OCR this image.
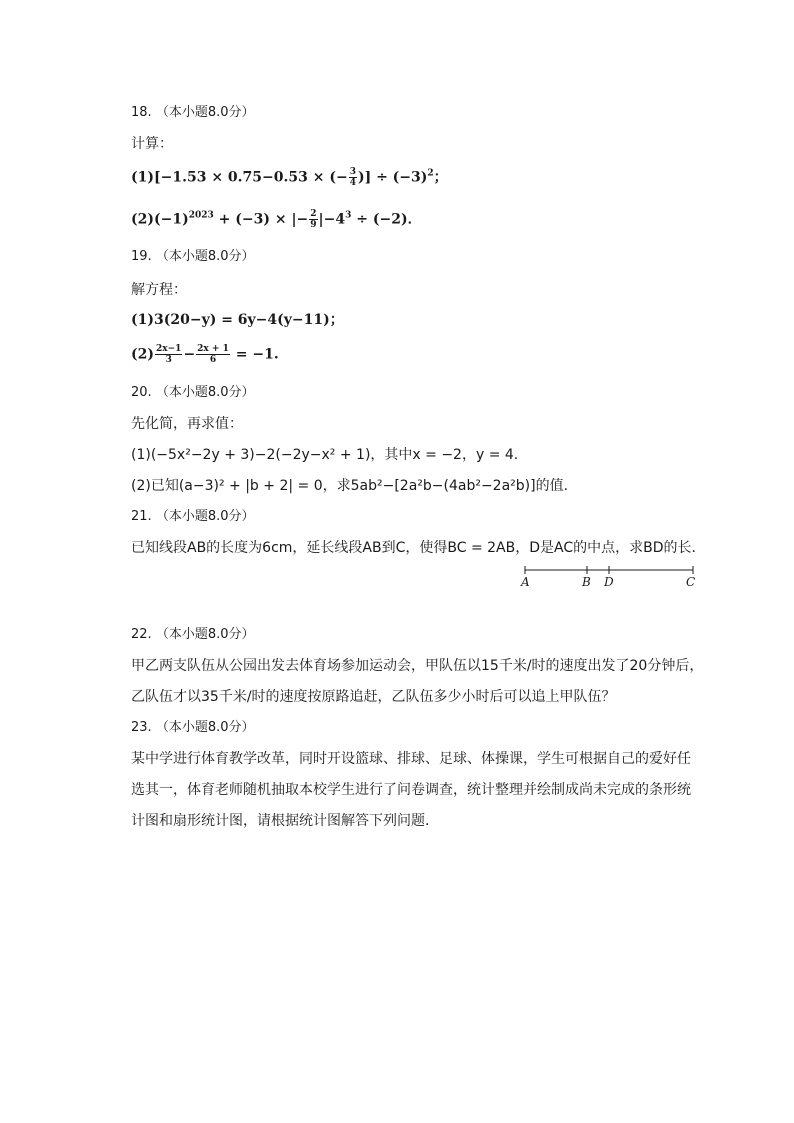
18. （本小题8.0分）
计算：
(1)[−1.53 × 0.75−0.53 × (− $\frac{3}{4}$ )] ÷ $(-3)^2$；
$(2)(-1)^{2023} + (-3)$ × |− $\frac{2}{9} |-4^3 \div (-2)$．
19. （本小题8.0分）
解方程：
(1)3(20−y) = 6y−4(y−11)；
$(2) \frac{2x-1}{3} - \frac{2x + 1}{6} = -1$.
20. （本小题8.0分）
先化简，再求值：
(1)(−5x²−2y + 3)−2(−2y−x² + 1)，其中x = −2，y = 4.
(2)已知(a−3)² + |b + 2| = 0，求5ab²−[2a²b−(4ab²−2a²b)]的值.
21. （本小题8.0分）
已知线段AB的长度为6cm，延长线段AB到C，使得BC = 2AB，D是AC的中点，求BD的长．
A	B D	C
22. （本小题8.0分）
甲乙两支队伍从公园出发去体育场参加运动会，甲队伍以15千米/时的速度出发了20分钟后，
乙队伍才以35千米/时的速度按原路追赶，乙队伍多少小时后可以追上甲队伍？
23. （本小题8.0分）
某中学进行体育教学改革，同时开设篮球、排球、足球、体操课，学生可根据自己的爱好任
选其一，体育老师随机抽取本校学生进行了问卷调查，统计整理并绘制成尚未完成的条形统
计图和扇形统计图，请根据统计图解答下列问题．
